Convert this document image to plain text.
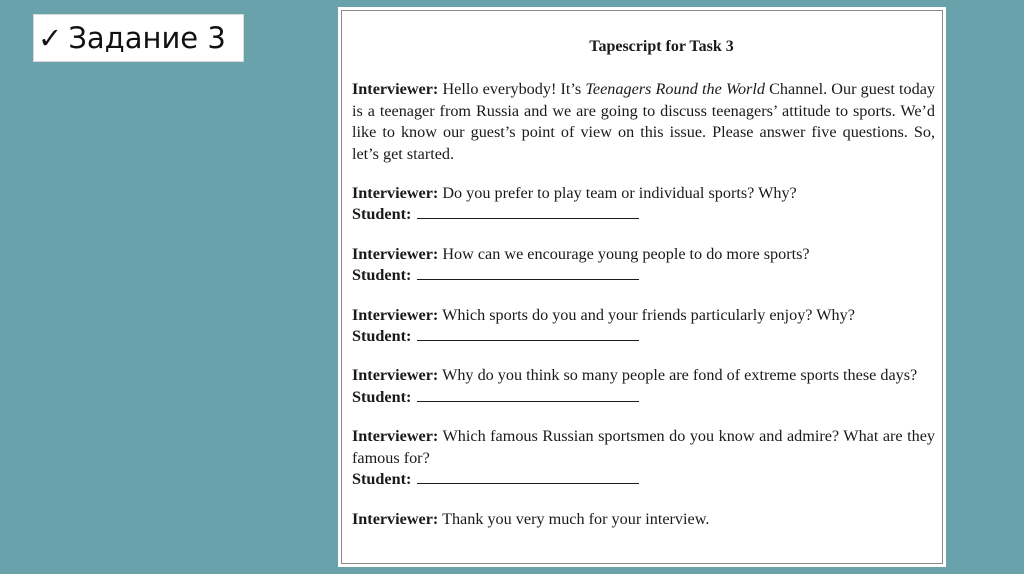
✓ Задание 3	Tapescript for Task 3
Interviewer: Hello everybody! It’s Teenagers Round the World Channel. Our guest today is a teenager from Russia and we are going to discuss teenagers’ attitude to sports. We’d like to know our guest’s point of view on this issue. Please answer five questions. So, let’s get started.
Interviewer: Do you prefer to play team or individual sports? Why?
Student:
Interviewer: How can we encourage young people to do more sports?
Student:
Interviewer: Which sports do you and your friends particularly enjoy? Why?
Student:
Interviewer: Why do you think so many people are fond of extreme sports these days?
Student:
Interviewer: Which famous Russian sportsmen do you know and admire? What are they famous for?
Student:
Interviewer: Thank you very much for your interview.
